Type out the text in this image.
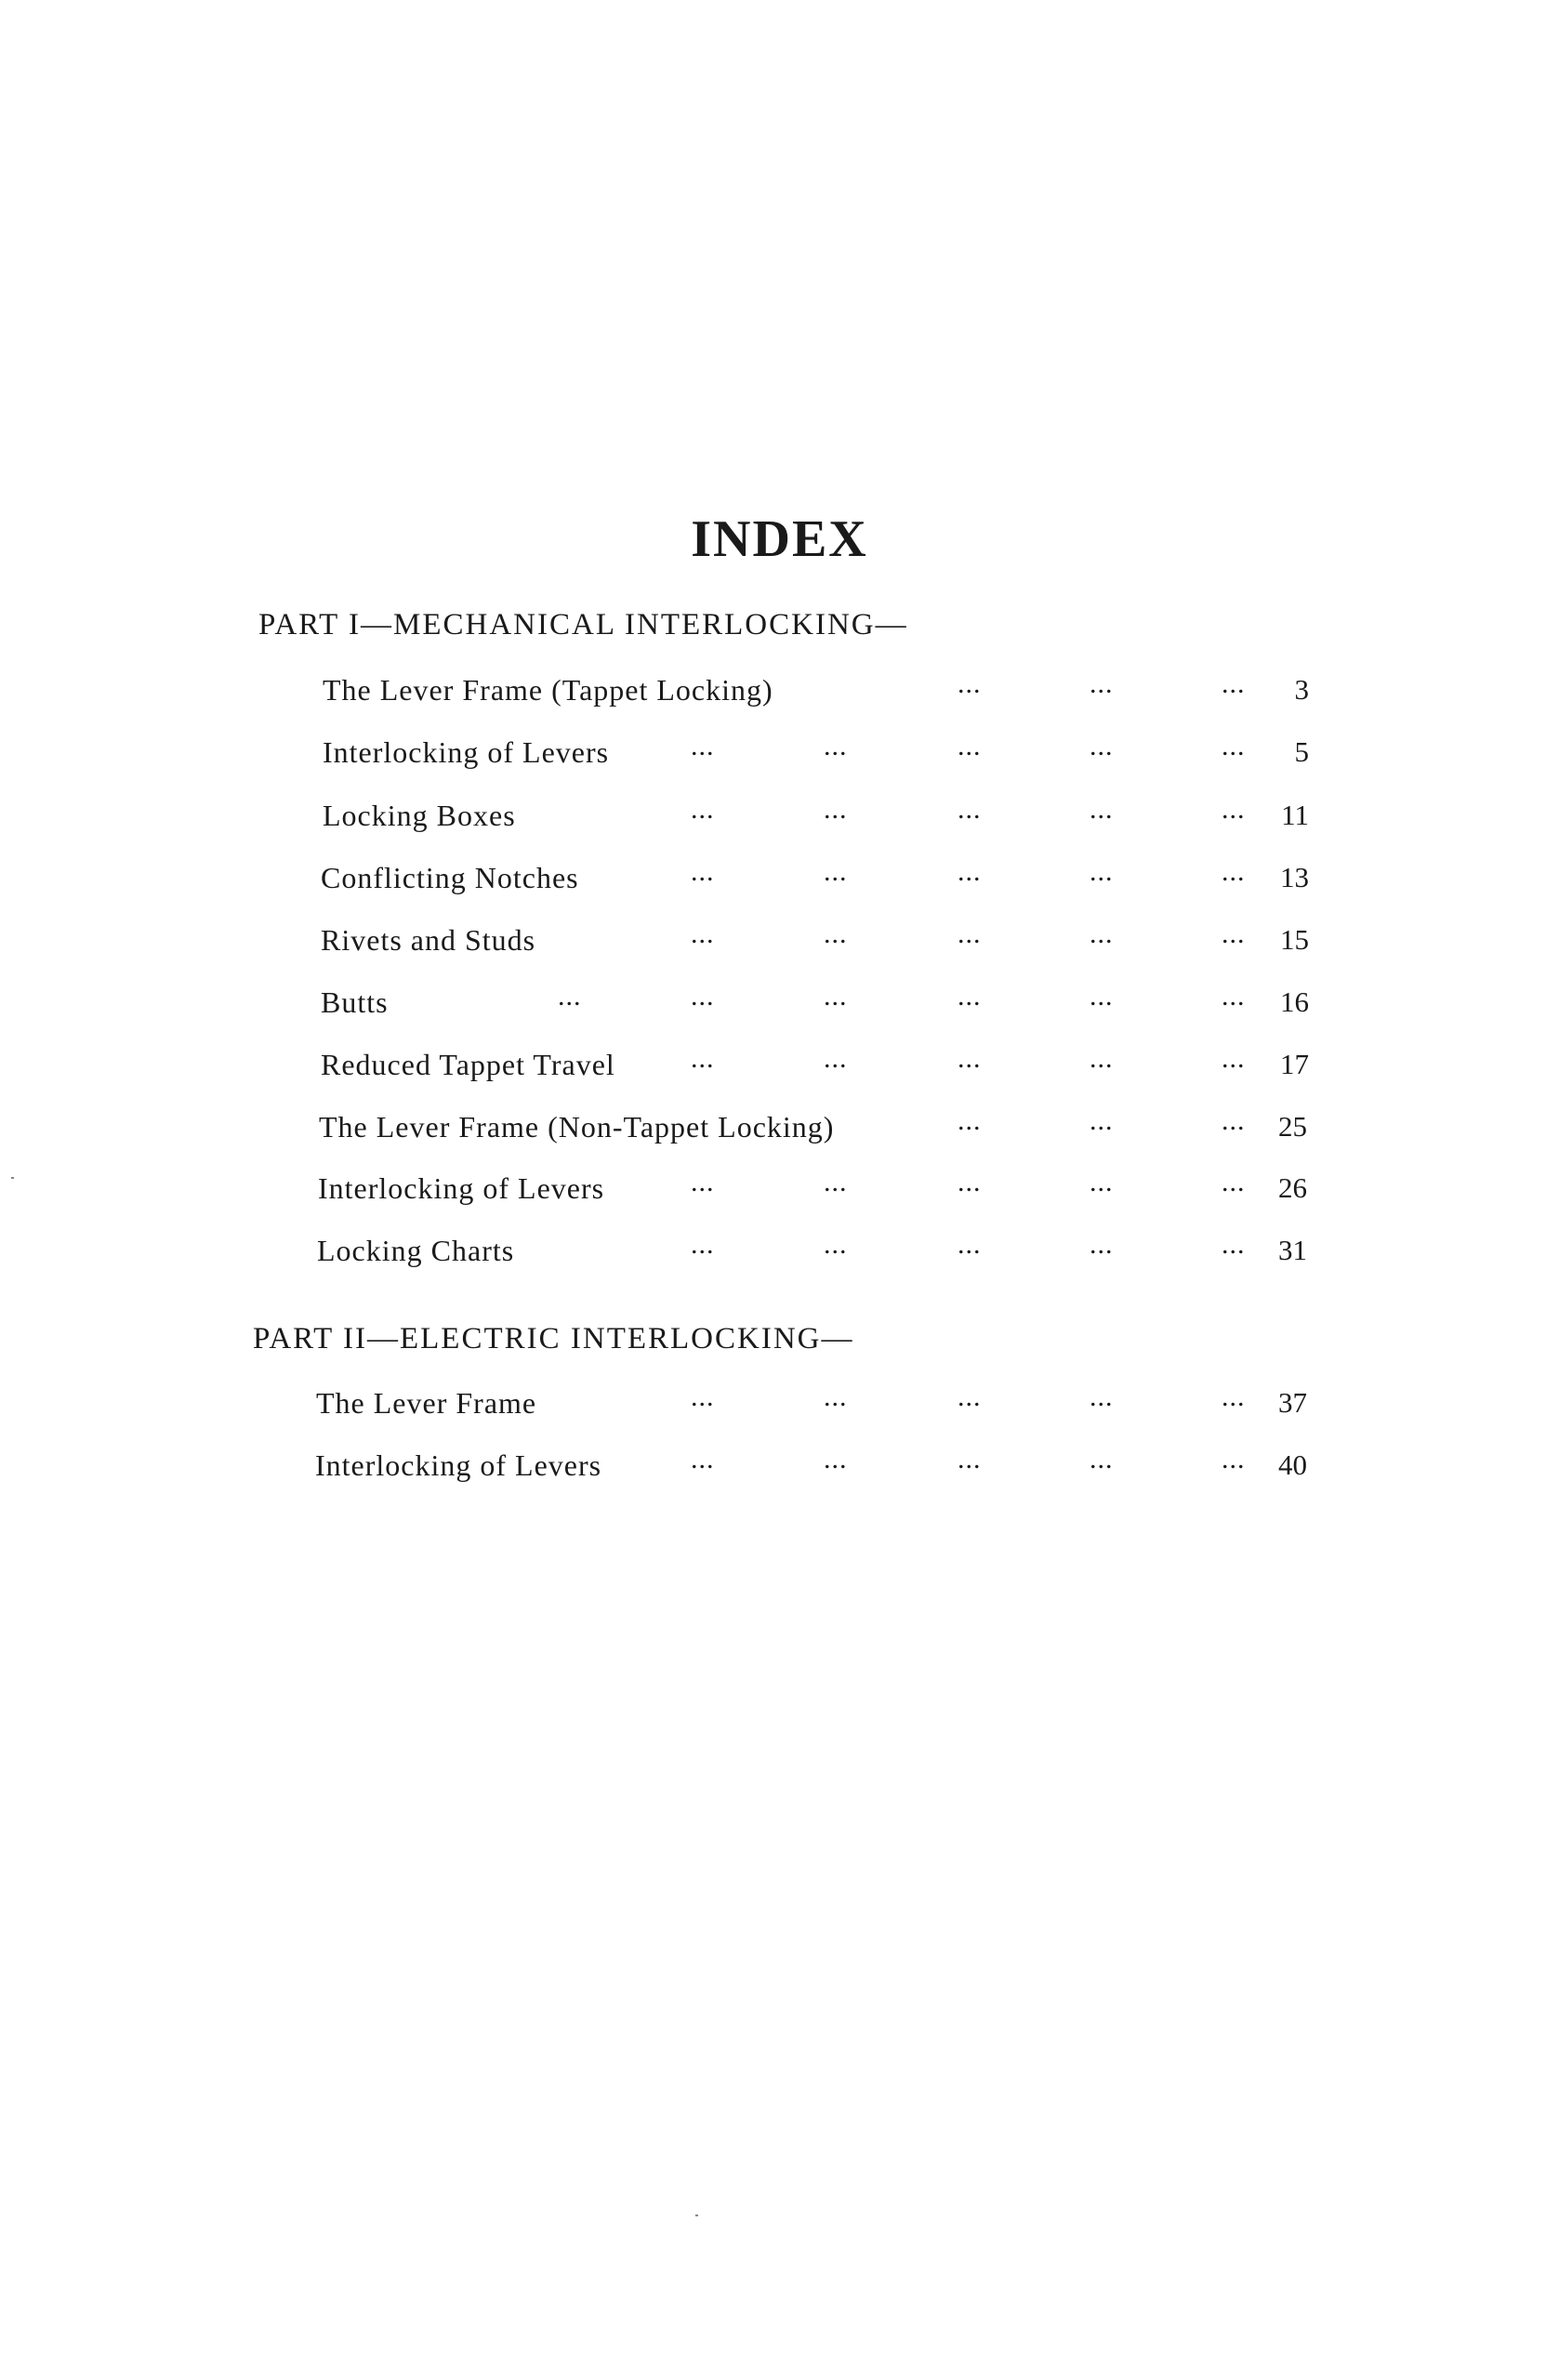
INDEX
PART I—MECHANICAL INTERLOCKING—
The Lever Frame (Tappet Locking)	...	...	...	3
Interlocking of Levers	...	...	...	...	...	5
Locking Boxes	...	...	...	...	...	11
Conflicting Notches	...	...	...	...	...	13
Rivets and Studs	...	...	...	...	...	15
Butts	...	...	...	...	...	...	16
Reduced Tappet Travel	...	...	...	...	...	17
The Lever Frame (Non-Tappet Locking)	...	...	...	25
Interlocking of Levers	...	...	...	...	...	26
Locking Charts	...	...	...	...	...	31
PART II—ELECTRIC INTERLOCKING—
The Lever Frame	...	...	...	...	...	37
Interlocking of Levers	...	...	...	...	...	40
